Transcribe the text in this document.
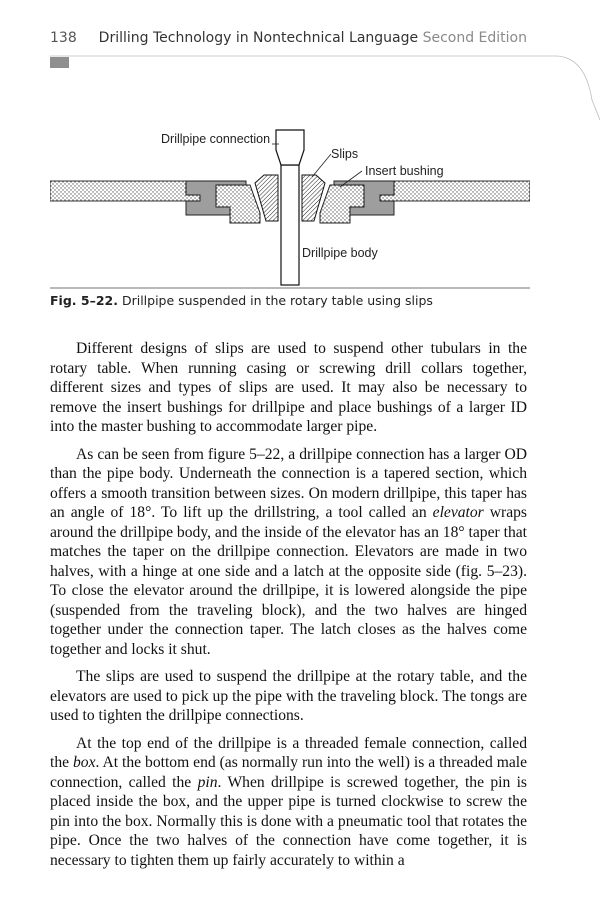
138 Drilling Technology in Nontechnical Language Second Edition
Drillpipe connection
Slips
Insert bushing
Drillpipe body
Fig. 5–22. Drillpipe suspended in the rotary table using slips

Different designs of slips are used to suspend other tubulars in the rotary table. When running casing or screwing drill collars together, different sizes and types of slips are used. It may also be necessary to remove the insert bushings for drillpipe and place bushings of a larger ID into the master bushing to accommodate larger pipe.

As can be seen from figure 5–22, a drillpipe connection has a larger OD than the pipe body. Underneath the connection is a tapered section, which offers a smooth transition between sizes. On modern drillpipe, this taper has an angle of 18°. To lift up the drillstring, a tool called an elevator wraps around the drillpipe body, and the inside of the elevator has an 18° taper that matches the taper on the drillpipe connection. Elevators are made in two halves, with a hinge at one side and a latch at the opposite side (fig. 5–23). To close the elevator around the drillpipe, it is lowered alongside the pipe (suspended from the traveling block), and the two halves are hinged together under the connection taper. The latch closes as the halves come together and locks it shut.

The slips are used to suspend the drillpipe at the rotary table, and the elevators are used to pick up the pipe with the traveling block. The tongs are used to tighten the drillpipe connections.

At the top end of the drillpipe is a threaded female connection, called the box. At the bottom end (as normally run into the well) is a threaded male connection, called the pin. When drillpipe is screwed together, the pin is placed inside the box, and the upper pipe is turned clockwise to screw the pin into the box. Normally this is done with a pneumatic tool that rotates the pipe. Once the two halves of the connection have come together, it is necessary to tighten them up fairly accurately to within a
